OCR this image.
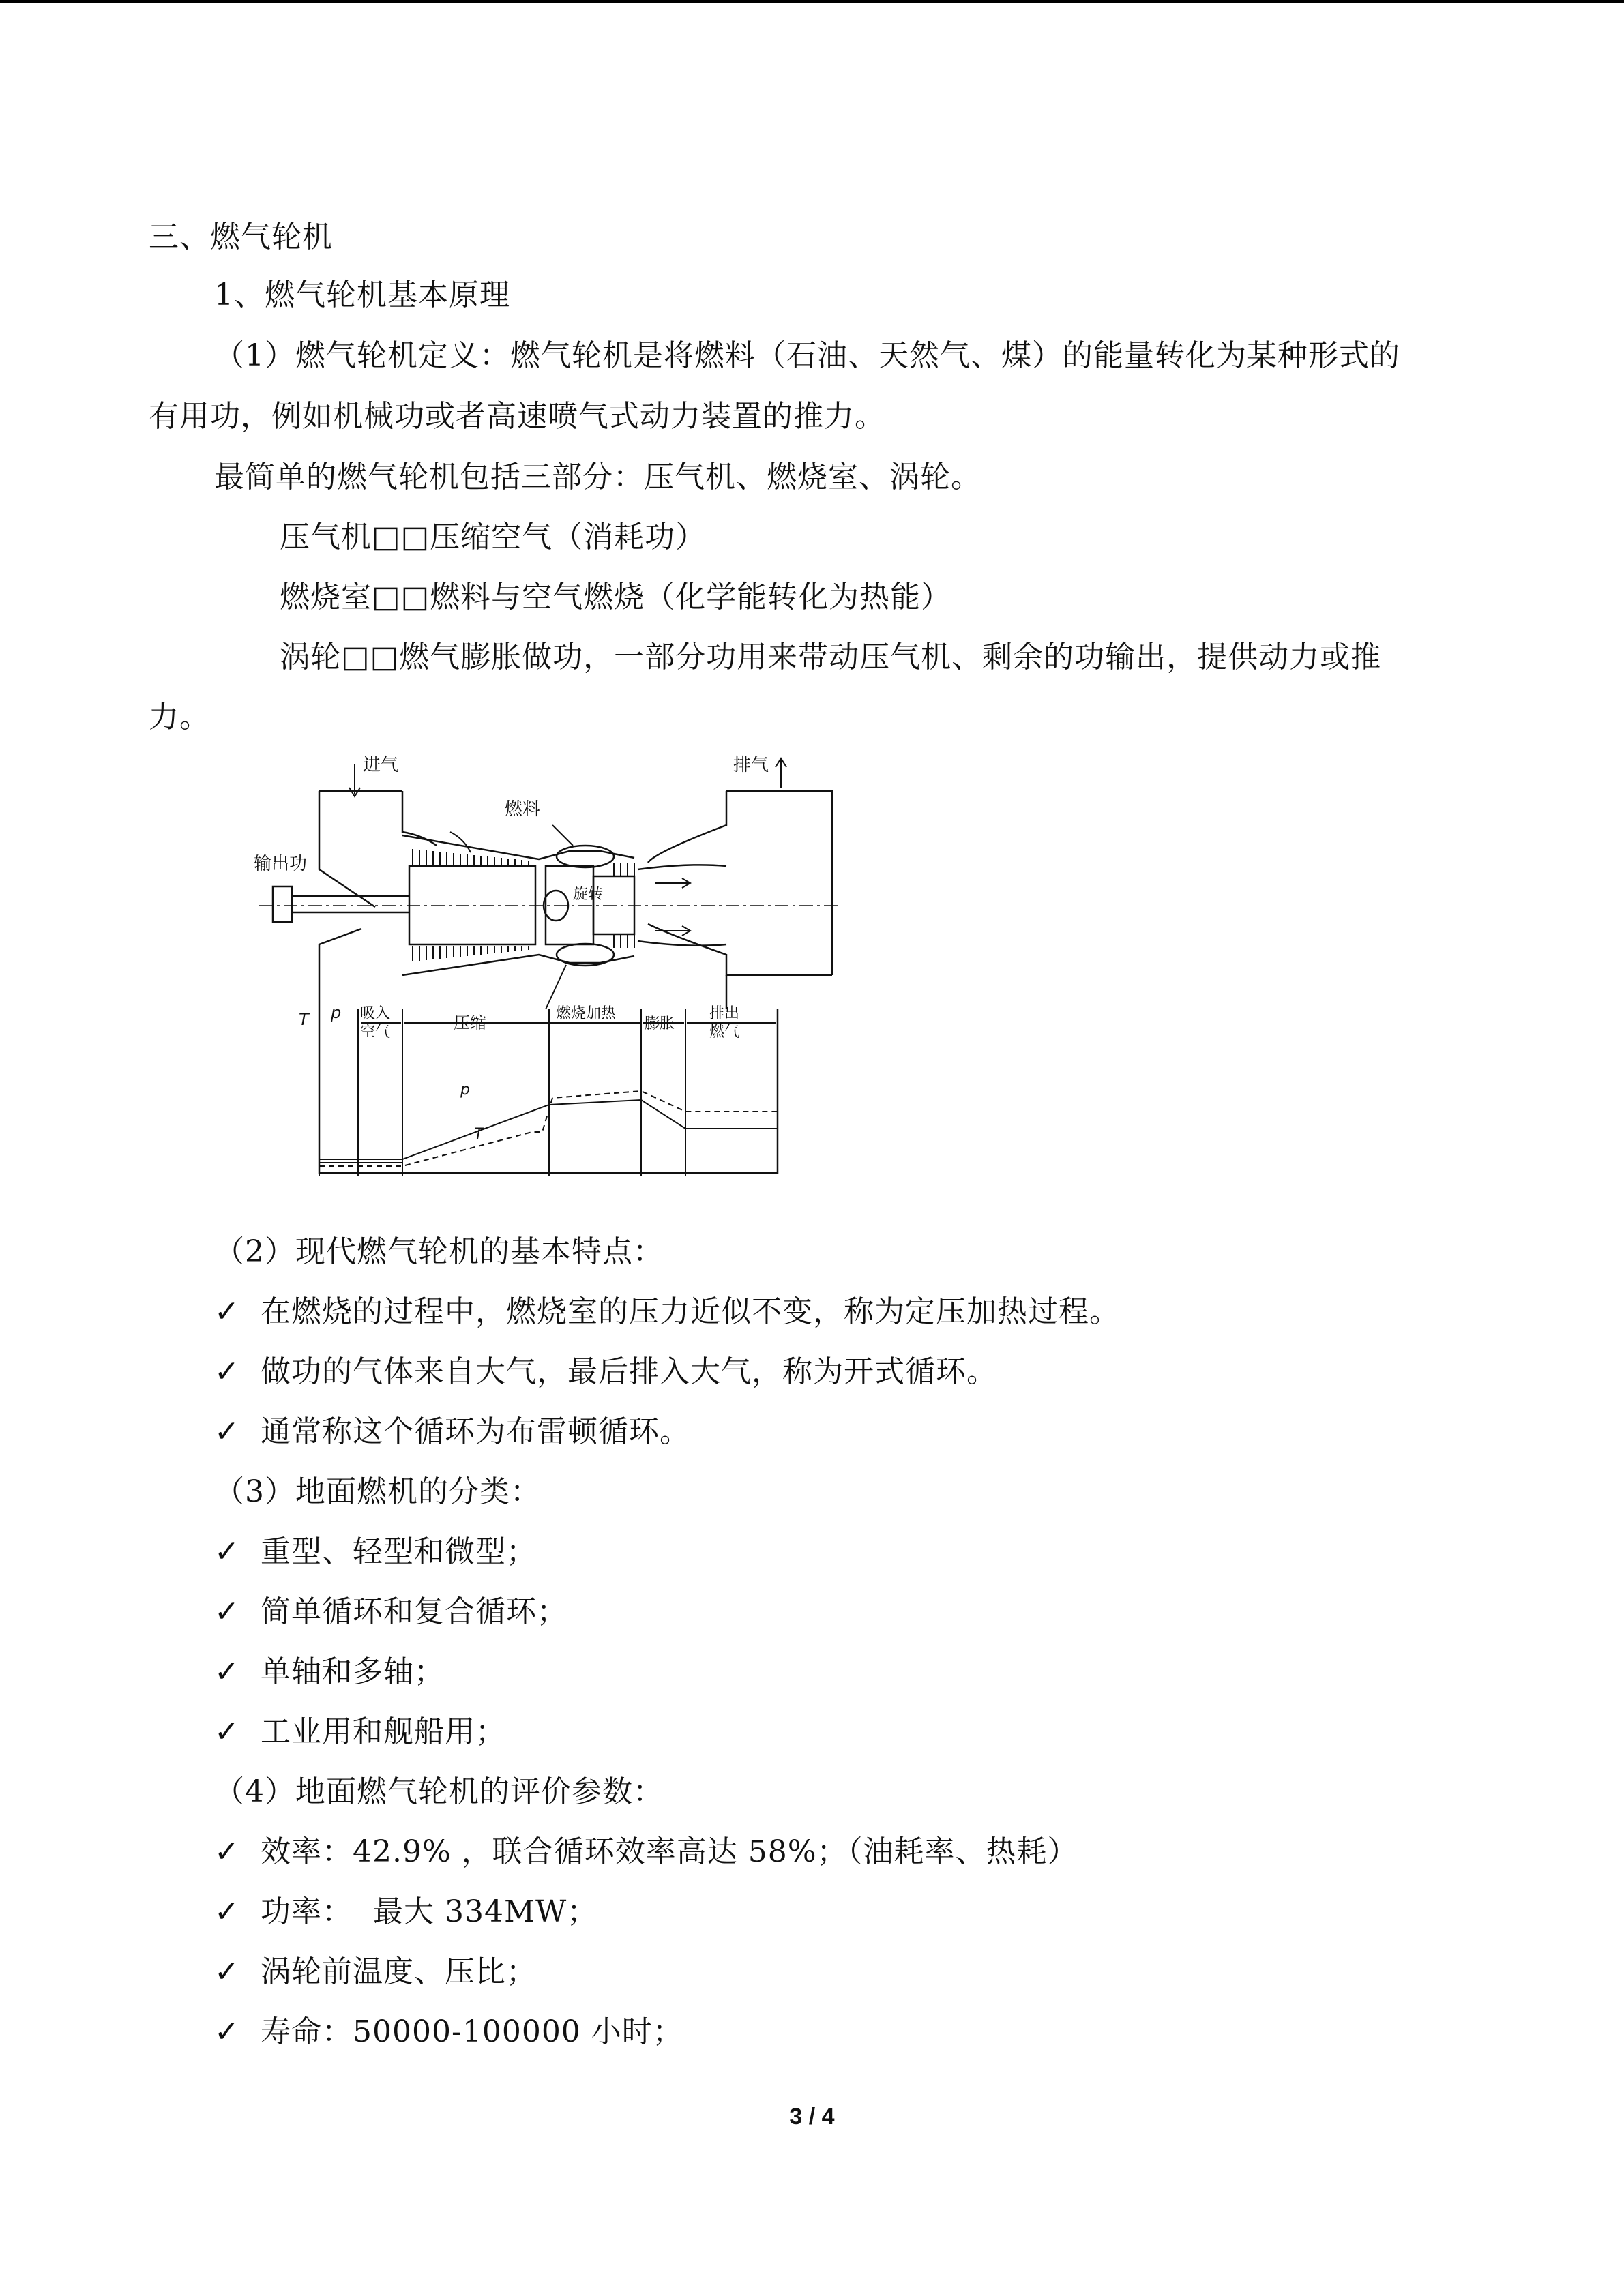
三、燃气轮机
1、燃气轮机基本原理
（1）燃气轮机定义：燃气轮机是将燃料（石油、天然气、煤）的能量转化为某种形式的
有用功，例如机械功或者高速喷气式动力装置的推力。
最简单的燃气轮机包括三部分：压气机、燃烧室、涡轮。
压气机□□压缩空气（消耗功）
燃烧室□□燃料与空气燃烧（化学能转化为热能）
涡轮□□燃气膨胀做功，一部分功用来带动压气机、剩余的功输出，提供动力或推
力。
进气	排气
燃料
输出功
旋转
T p 吸入
空气	压缩	燃烧加热
膨胀
排出
燃气
p
T
（2）现代燃气轮机的基本特点：
✓ 在燃烧的过程中，燃烧室的压力近似不变，称为定压加热过程。
✓ 做功的气体来自大气，最后排入大气，称为开式循环。
✓ 通常称这个循环为布雷顿循环。
（3）地面燃机的分类：
✓ 重型、轻型和微型；
✓ 简单循环和复合循环；
✓ 单轴和多轴；
✓ 工业用和舰船用；
（4）地面燃气轮机的评价参数：
✓ 效率：42.9% ，联合循环效率高达 58%；（油耗率、热耗）
✓ 功率：  最大 334MW；
✓ 涡轮前温度、压比；
✓ 寿命：50000-100000 小时；
3 / 4
